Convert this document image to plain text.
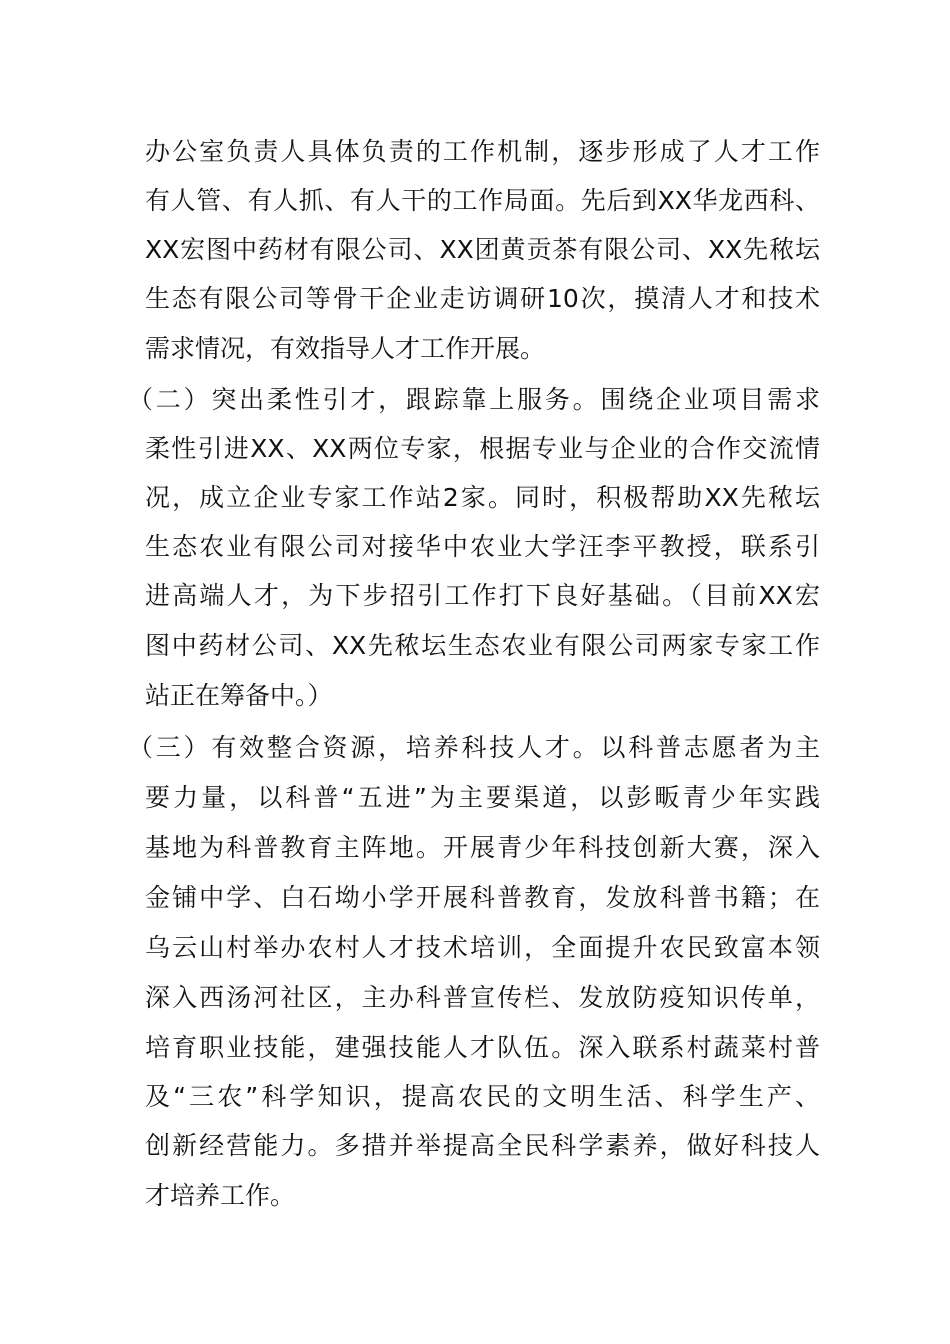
办公室负责人具体负责的工作机制，逐步形成了人才工作
有人管、有人抓、有人干的工作局面。先后到XX华龙西科、
XX宏图中药材有限公司、XX团黄贡茶有限公司、XX先秾坛
生态有限公司等骨干企业走访调研10次，摸清人才和技术
需求情况，有效指导人才工作开展。
（二）突出柔性引才，跟踪靠上服务。围绕企业项目需求
柔性引进XX、XX两位专家，根据专业与企业的合作交流情
况，成立企业专家工作站2家。同时，积极帮助XX先秾坛
生态农业有限公司对接华中农业大学汪李平教授，联系引
进高端人才，为下步招引工作打下良好基础。（目前XX宏
图中药材公司、XX先秾坛生态农业有限公司两家专家工作
站正在筹备中。）
（三）有效整合资源，培养科技人才。以科普志愿者为主
要力量，以科普“五进”为主要渠道，以彭畈青少年实践
基地为科普教育主阵地。开展青少年科技创新大赛，深入
金铺中学、白石坳小学开展科普教育，发放科普书籍；在
乌云山村举办农村人才技术培训，全面提升农民致富本领
深入西汤河社区，主办科普宣传栏、发放防疫知识传单，
培育职业技能，建强技能人才队伍。深入联系村蔬菜村普
及“三农”科学知识，提高农民的文明生活、科学生产、
创新经营能力。多措并举提高全民科学素养，做好科技人
才培养工作。
